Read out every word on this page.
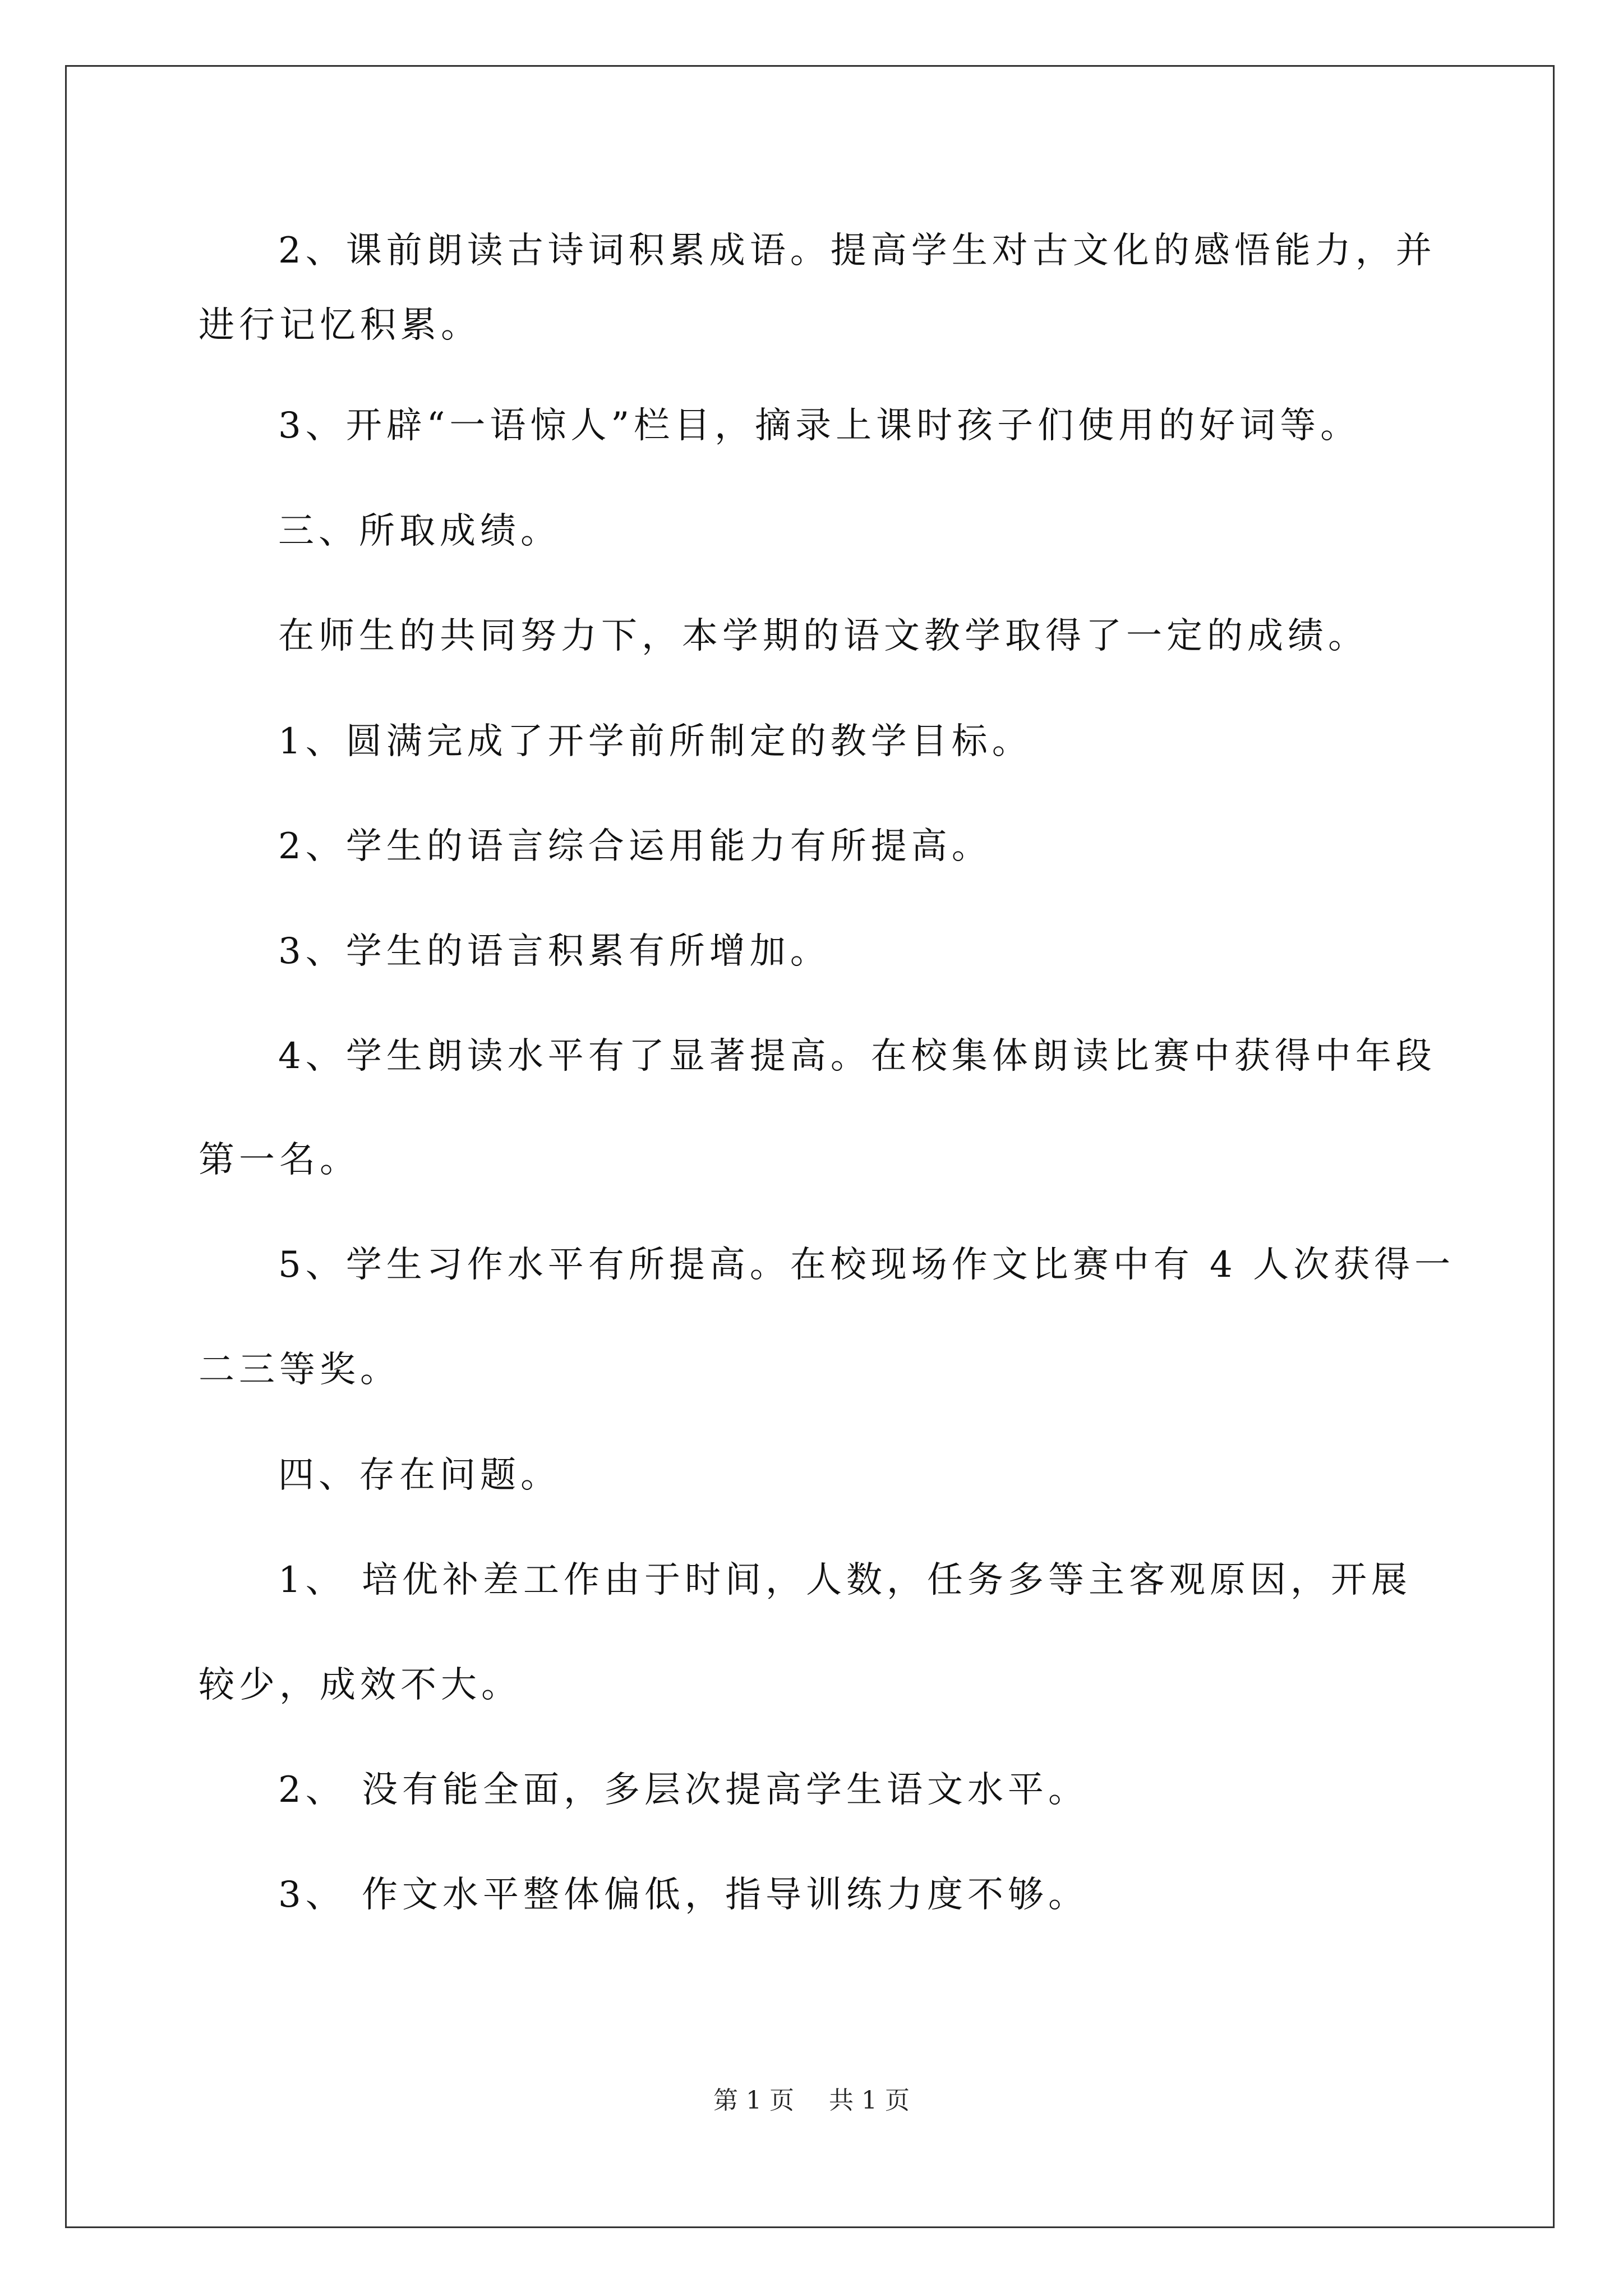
2、课前朗读古诗词积累成语。提高学生对古文化的感悟能力，并
进行记忆积累。
3、开辟“一语惊人”栏目，摘录上课时孩子们使用的好词等。
三、所取成绩。
在师生的共同努力下，本学期的语文教学取得了一定的成绩。
1、圆满完成了开学前所制定的教学目标。
2、学生的语言综合运用能力有所提高。
3、学生的语言积累有所增加。
4、学生朗读水平有了显著提高。在校集体朗读比赛中获得中年段
第一名。
5、学生习作水平有所提高。在校现场作文比赛中有 4 人次获得一
二三等奖。
四、存在问题。
1、 培优补差工作由于时间，人数，任务多等主客观原因，开展
较少，成效不大。
2、 没有能全面，多层次提高学生语文水平。
3、 作文水平整体偏低，指导训练力度不够。
第 1 页 共 1 页
